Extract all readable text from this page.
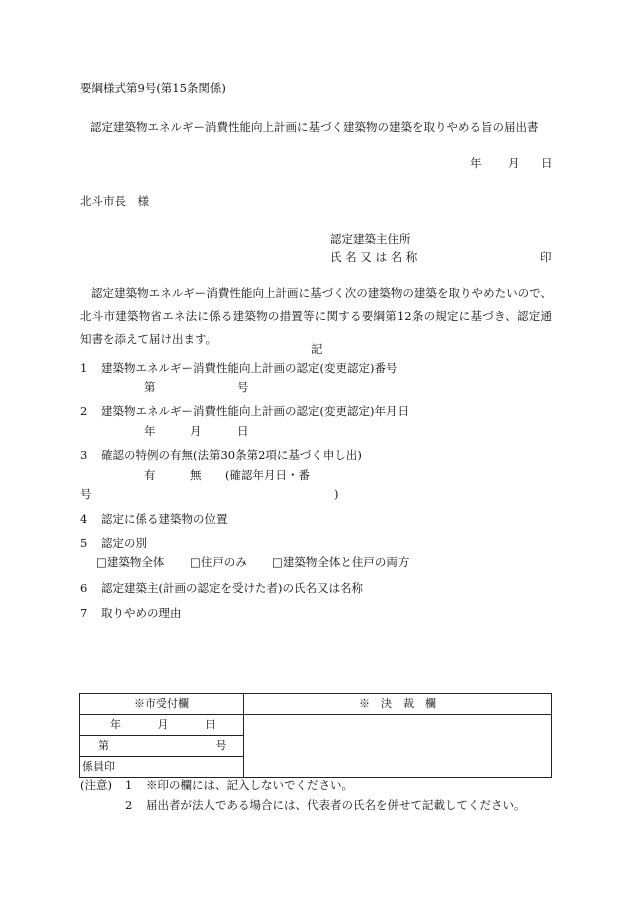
要綱様式第9号(第15条関係)
認定建築物エネルギー消費性能向上計画に基づく建築物の建築を取りやめる旨の届出書
年 月 日
北斗市長　様
認定建築主住所
氏 名 又 は 名 称	印
認定建築物エネルギー消費性能向上計画に基づく次の建築物の建築を取りやめたいので、北斗市建築物省エネ法に係る建築物の措置等に関する要綱第12条の規定に基づき、認定通知書を添えて届け出ます。
記
1 建築物エネルギー消費性能向上計画の認定(変更認定)番号
第	号
2 建築物エネルギー消費性能向上計画の認定(変更認定)年月日
年	月	日
3 確認の特例の有無(法第30条第2項に基づく申し出)
有	無 (確認年月日・番
号	)
4 認定に係る建築物の位置
5 認定の別
□建築物全体 □住戸のみ □建築物全体と住戸の両方
6 認定建築主(計画の認定を受けた者)の氏名又は名称
7 取りやめの理由
※市受付欄	※　決　裁　欄
年 月 日	
第 号	
係員印	
(注意) 1 ※印の欄には、記入しないでください。
2 届出者が法人である場合には、代表者の氏名を併せて記載してください。
